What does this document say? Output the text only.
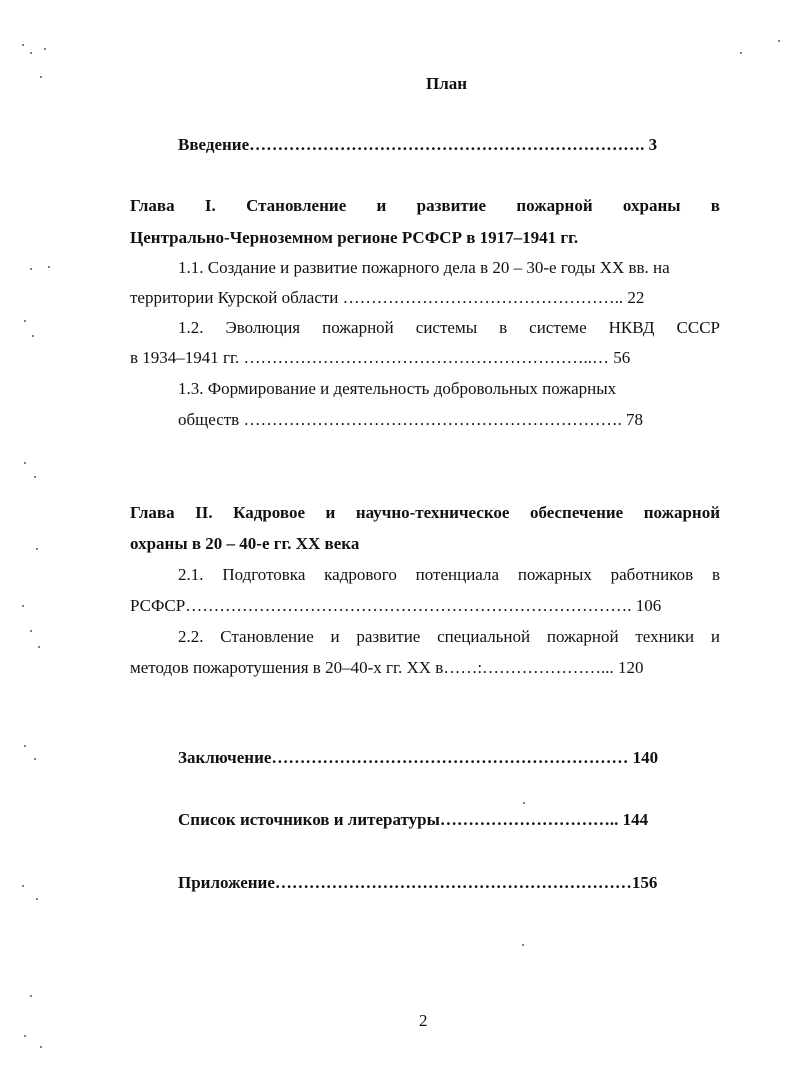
План
Введение……………………………………………………………. 3
Глава I. Становление и развитие пожарной охраны в
Центрально-Черноземном регионе РСФСР в 1917–1941 гг.
1.1. Создание и развитие пожарного дела в 20 – 30-е годы XX вв. на
территории Курской области ………………………………………….. 22
1.2. Эволюция пожарной системы в системе НКВД СССР
в 1934–1941 гг. ……………………………………………………..… 56
1.3. Формирование и деятельность добровольных пожарных
обществ …………………………………………………………. 78
Глава II. Кадровое и научно-техническое обеспечение пожарной
охраны в 20 – 40-е гг. XX века
2.1. Подготовка кадрового потенциала пожарных работников в
РСФСР……………………………………………………………………. 106
2.2. Становление и развитие специальной пожарной техники и
методов пожаротушения в 20–40-х гг. XX в……:…………………... 120
Заключение……………………………………………………… 140
Список источников и литературы………………………….. 144
Приложение………………………………………………………156
2
